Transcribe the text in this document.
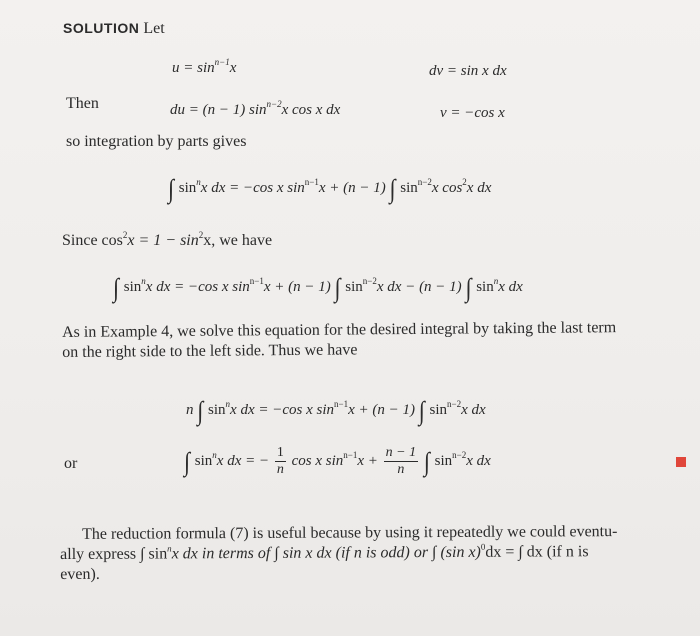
SOLUTION Let
$u = \sin^{n-1}x$	dv = sin x dx
Then	du = (n − 1) $\sin^{n-2}x$ cos x dx	v = −cos x
so integration by parts gives
∫ $\sin^nx$ dx = −cos x $\sin^{n-1}x + (n - 1)$ ∫ $\sin^{n-2}x$ $\cos^2x$ dx
Since $\cos^2x = 1 - \sin^2x$, we have
∫ $\sin^nx$ dx = −cos x $\sin^{n-1}x + (n - 1)$ ∫ $\sin^{n-2}x$ dx − (n − 1) ∫ $\sin^nx$ dx
As in Example 4, we solve this equation for the desired integral by taking the last term
on the right side to the left side. Thus we have
n ∫ $\sin^nx$ dx = −cos x $\sin^{n-1}x + (n - 1)$ ∫ $\sin^{n-2}x$ dx
or	∫ $\sin^nx$ dx = − $\frac{1}{n}$ cos x $\sin^{n-1}x + \frac{n - 1}{n}$ ∫ $\sin^{n-2}x$ dx
The reduction formula (7) is useful because by using it repeatedly we could eventu-
ally express ∫ $\sin^nx$ dx in terms of ∫ sin x dx (if n is odd) or ∫ (sin x)$^0$dx = ∫ dx (if n is
even).
